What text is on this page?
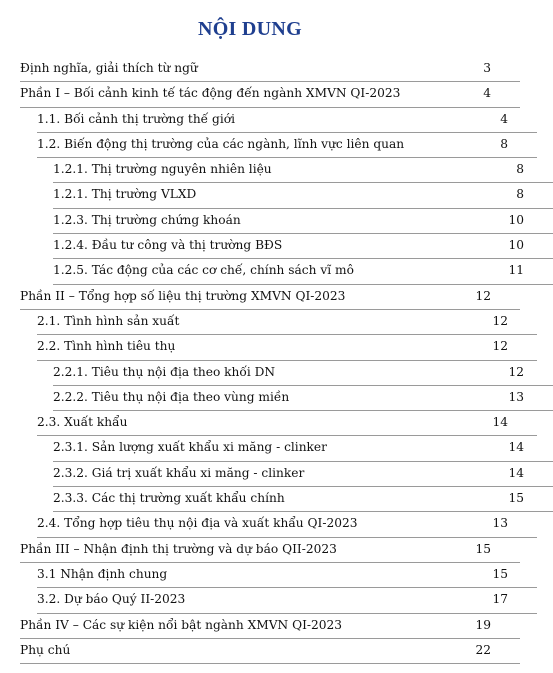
NỘI DUNG
Định nghĩa, giải thích từ ngữ	3
Phần I – Bối cảnh kinh tế tác động đến ngành XMVN QI-2023	4
1.1. Bối cảnh thị trường thế giới	4
1.2. Biến động thị trường của các ngành, lĩnh vực liên quan	8
1.2.1. Thị trường nguyên nhiên liệu	8
1.2.1. Thị trường VLXD	8
1.2.3. Thị trường chứng khoán	10
1.2.4. Đầu tư công và thị trường BĐS	10
1.2.5. Tác động của các cơ chế, chính sách vĩ mô	11
Phần II – Tổng hợp số liệu thị trường XMVN QI-2023	12
2.1. Tình hình sản xuất	12
2.2. Tình hình tiêu thụ	12
2.2.1. Tiêu thụ nội địa theo khối DN	12
2.2.2. Tiêu thụ nội địa theo vùng miền	13
2.3. Xuất khẩu	14
2.3.1. Sản lượng xuất khẩu xi măng - clinker	14
2.3.2. Giá trị xuất khẩu xi măng - clinker	14
2.3.3. Các thị trường xuất khẩu chính	15
2.4. Tổng hợp tiêu thụ nội địa và xuất khẩu QI-2023	13
Phần III – Nhận định thị trường và dự báo QII-2023	15
3.1 Nhận định chung	15
3.2. Dự báo Quý II-2023	17
Phần IV – Các sự kiện nổi bật ngành XMVN QI-2023	19
Phụ chú	22
